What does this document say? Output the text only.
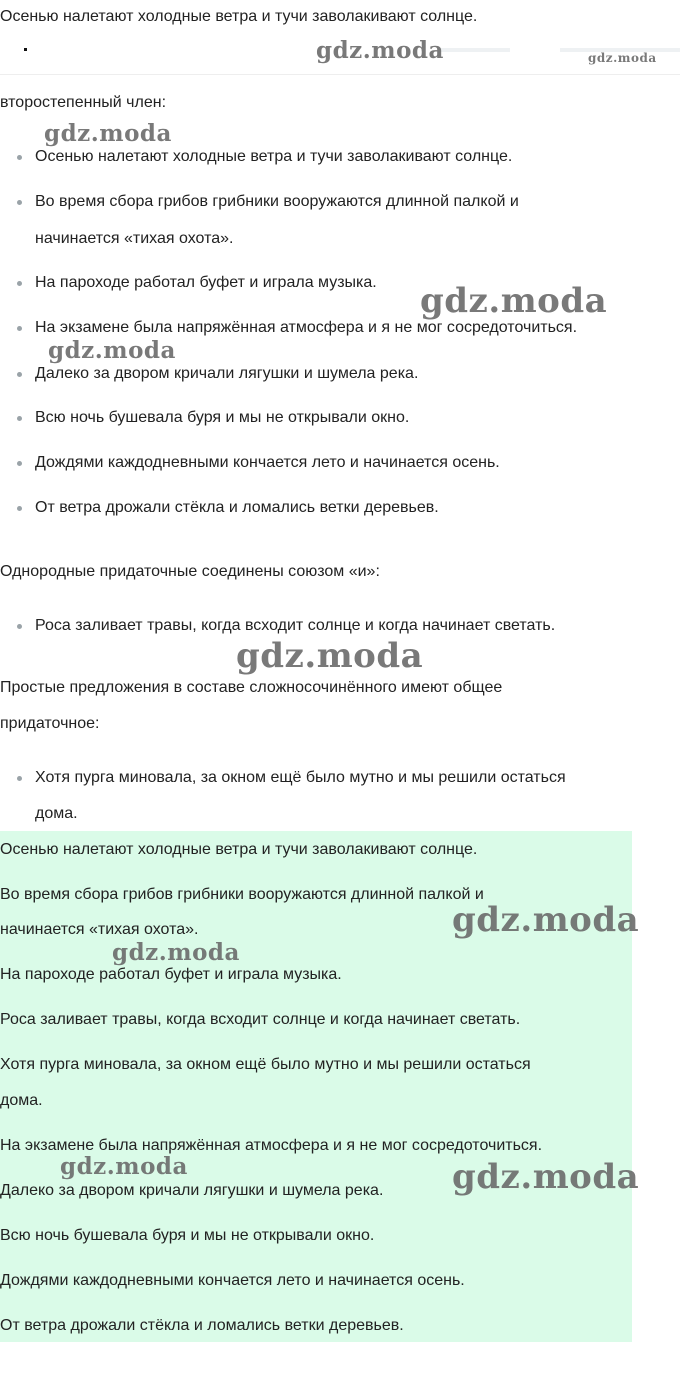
Осенью налетают холодные ветра и тучи заволакивают солнце.
второстепенный член:
Осенью налетают холодные ветра и тучи заволакивают солнце.
Во время сбора грибов грибники вооружаются длинной палкой и
начинается «тихая охота».
На пароходе работал буфет и играла музыка.
На экзамене была напряжённая атмосфера и я не мог сосредоточиться.
Далеко за двором кричали лягушки и шумела река.
Всю ночь бушевала буря и мы не открывали окно.
Дождями каждодневными кончается лето и начинается осень.
От ветра дрожали стёкла и ломались ветки деревьев.
Однородные придаточные соединены союзом «и»:
Роса заливает травы, когда всходит солнце и когда начинает светать.
Простые предложения в составе сложносочинённого имеют общее
придаточное:
Хотя пурга миновала, за окном ещё было мутно и мы решили остаться
дома.
Осенью налетают холодные ветра и тучи заволакивают солнце.
Во время сбора грибов грибники вооружаются длинной палкой и
начинается «тихая охота».
На пароходе работал буфет и играла музыка.
Роса заливает травы, когда всходит солнце и когда начинает светать.
Хотя пурга миновала, за окном ещё было мутно и мы решили остаться
дома.
На экзамене была напряжённая атмосфера и я не мог сосредоточиться.
Далеко за двором кричали лягушки и шумела река.
Всю ночь бушевала буря и мы не открывали окно.
Дождями каждодневными кончается лето и начинается осень.
От ветра дрожали стёкла и ломались ветки деревьев.
gdz.moda	gdz.moda
gdz.moda
gdz.moda
gdz.moda
gdz.moda
gdz.moda
gdz.moda
gdz.moda	gdz.moda
